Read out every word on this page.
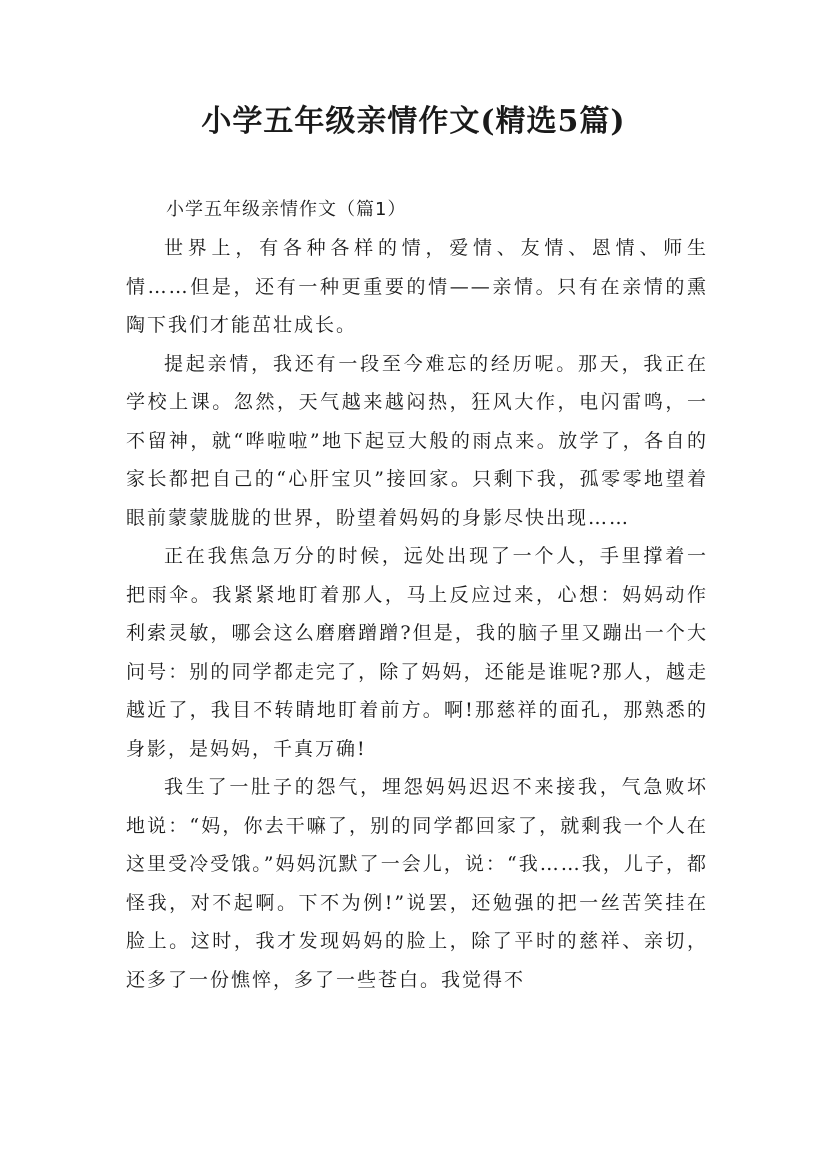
小学五年级亲情作文(精选5篇)

小学五年级亲情作文（篇1）

世界上，有各种各样的情，爱情、友情、恩情、师生情……但是，还有一种更重要的情——亲情。只有在亲情的熏陶下我们才能茁壮成长。

提起亲情，我还有一段至今难忘的经历呢。那天，我正在学校上课。忽然，天气越来越闷热，狂风大作，电闪雷鸣，一不留神，就“哗啦啦”地下起豆大般的雨点来。放学了，各自的家长都把自己的“心肝宝贝”接回家。只剩下我，孤零零地望着眼前蒙蒙胧胧的世界，盼望着妈妈的身影尽快出现……

正在我焦急万分的时候，远处出现了一个人，手里撑着一把雨伞。我紧紧地盯着那人，马上反应过来，心想：妈妈动作利索灵敏，哪会这么磨磨蹭蹭?但是，我的脑子里又蹦出一个大问号：别的同学都走完了，除了妈妈，还能是谁呢?那人，越走越近了，我目不转睛地盯着前方。啊!那慈祥的面孔，那熟悉的身影，是妈妈，千真万确!

我生了一肚子的怨气，埋怨妈妈迟迟不来接我，气急败坏地说：“妈，你去干嘛了，别的同学都回家了，就剩我一个人在这里受冷受饿。”妈妈沉默了一会儿，说：“我……我，儿子，都怪我，对不起啊。下不为例!”说罢，还勉强的把一丝苦笑挂在脸上。这时，我才发现妈妈的脸上，除了平时的慈祥、亲切，还多了一份憔悴，多了一些苍白。我觉得不
